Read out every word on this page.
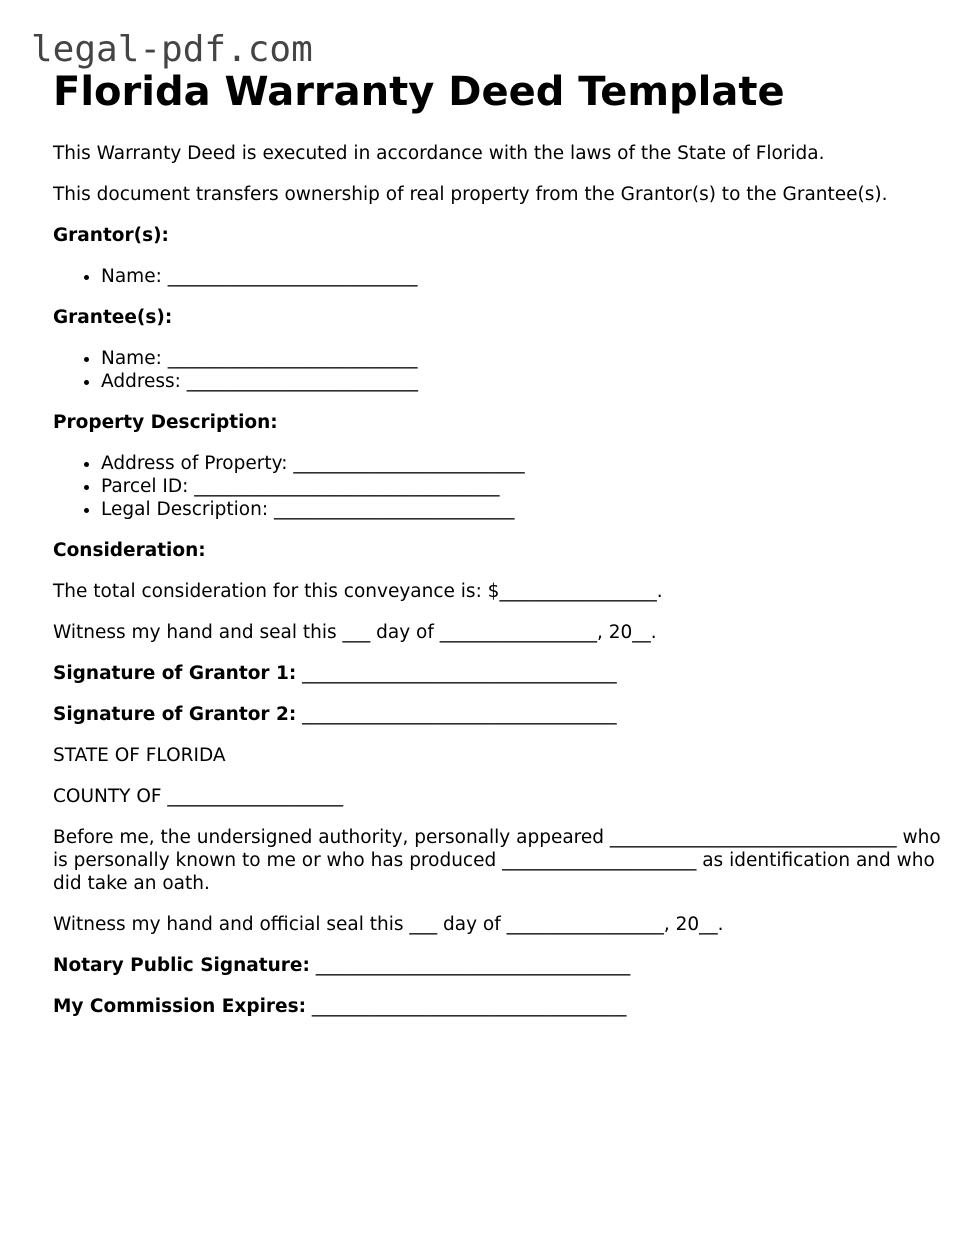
legal-pdf.com
Florida Warranty Deed Template

This Warranty Deed is executed in accordance with the laws of the State of Florida.

This document transfers ownership of real property from the Grantor(s) to the Grantee(s).

Grantor(s):

• Name: ___________________________

Grantee(s):

• Name: ___________________________
• Address: _________________________

Property Description:

• Address of Property: _________________________
• Parcel ID: _________________________________
• Legal Description: __________________________

Consideration:

The total consideration for this conveyance is: $_________________.

Witness my hand and seal this ___ day of _________________, 20__.

Signature of Grantor 1: __________________________________

Signature of Grantor 2: __________________________________

STATE OF FLORIDA

COUNTY OF ___________________

Before me, the undersigned authority, personally appeared _______________________________ who is personally known to me or who has produced _____________________ as identification and who did take an oath.

Witness my hand and official seal this ___ day of _________________, 20__.

Notary Public Signature: __________________________________

My Commission Expires: __________________________________
